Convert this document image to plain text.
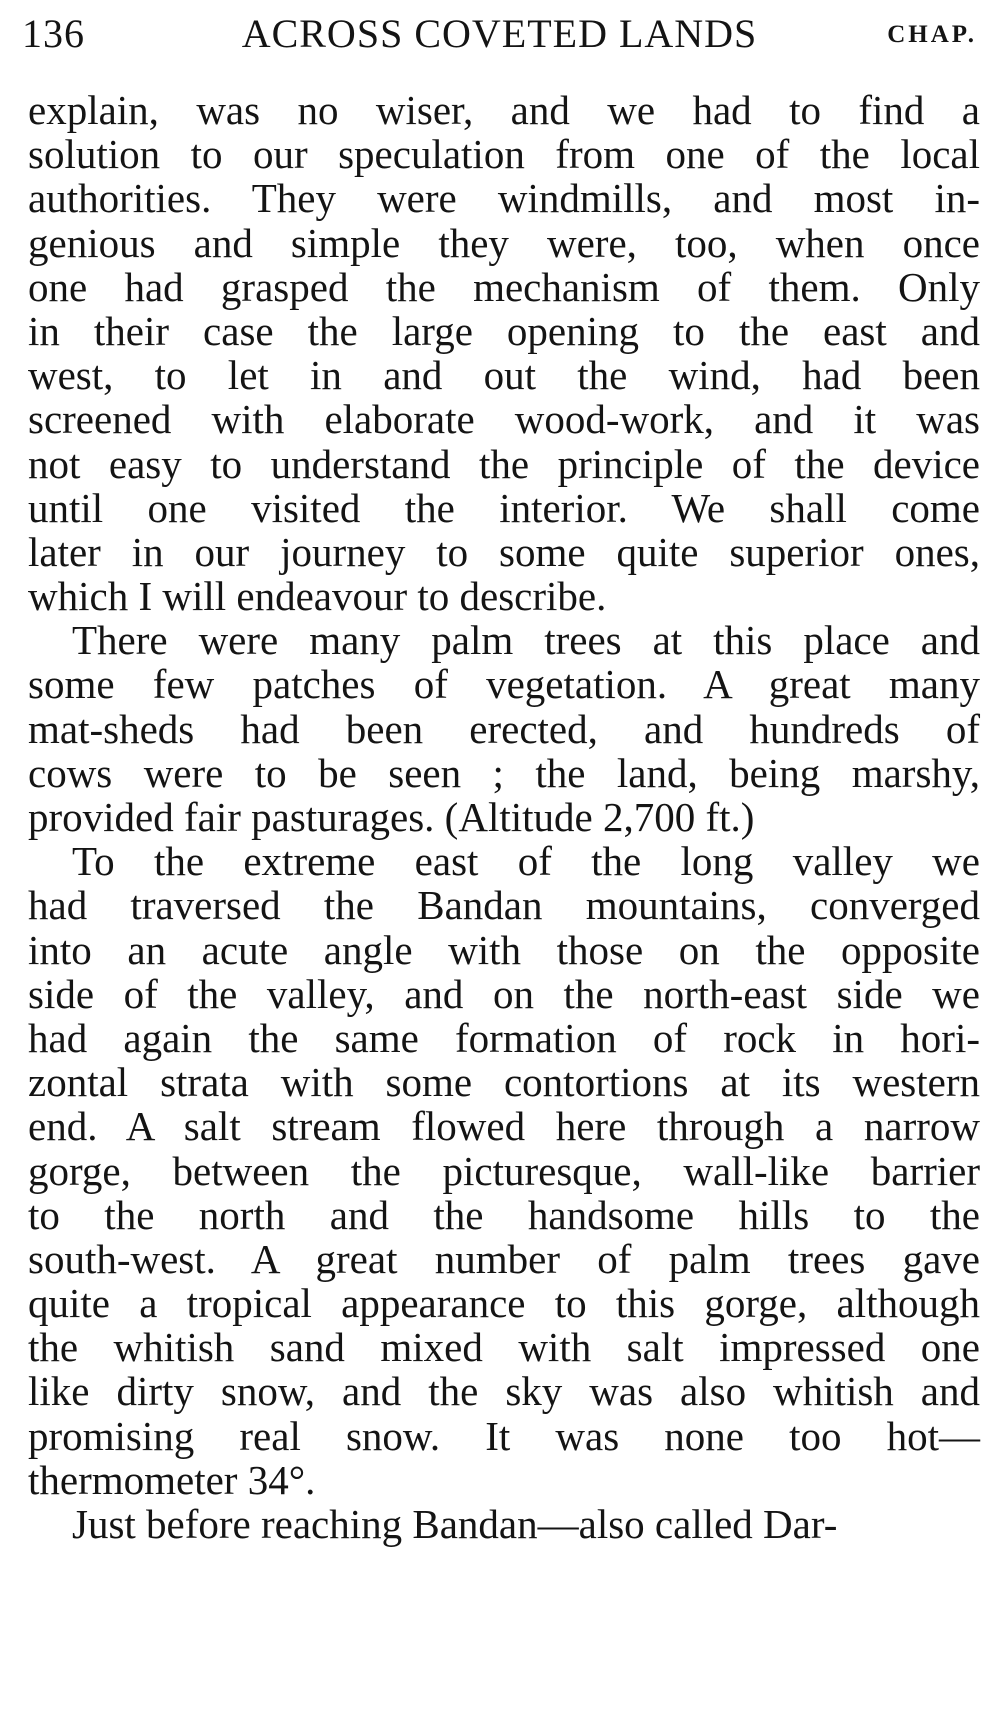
136	ACROSS COVETED LANDS	CHAP.
explain, was no wiser, and we had to find a
solution to our speculation from one of the local
authorities. They were windmills, and most in-
genious and simple they were, too, when once
one had grasped the mechanism of them. Only
in their case the large opening to the east and
west, to let in and out the wind, had been
screened with elaborate wood-work, and it was
not easy to understand the principle of the device
until one visited the interior. We shall come
later in our journey to some quite superior ones,
which I will endeavour to describe.
There were many palm trees at this place and
some few patches of vegetation. A great many
mat-sheds had been erected, and hundreds of
cows were to be seen ; the land, being marshy,
provided fair pasturages. (Altitude 2,700 ft.)
To the extreme east of the long valley we
had traversed the Bandan mountains, converged
into an acute angle with those on the opposite
side of the valley, and on the north-east side we
had again the same formation of rock in hori-
zontal strata with some contortions at its western
end. A salt stream flowed here through a narrow
gorge, between the picturesque, wall-like barrier
to the north and the handsome hills to the
south-west. A great number of palm trees gave
quite a tropical appearance to this gorge, although
the whitish sand mixed with salt impressed one
like dirty snow, and the sky was also whitish and
promising real snow. It was none too hot—
thermometer 34°.
Just before reaching Bandan—also called Dar-
